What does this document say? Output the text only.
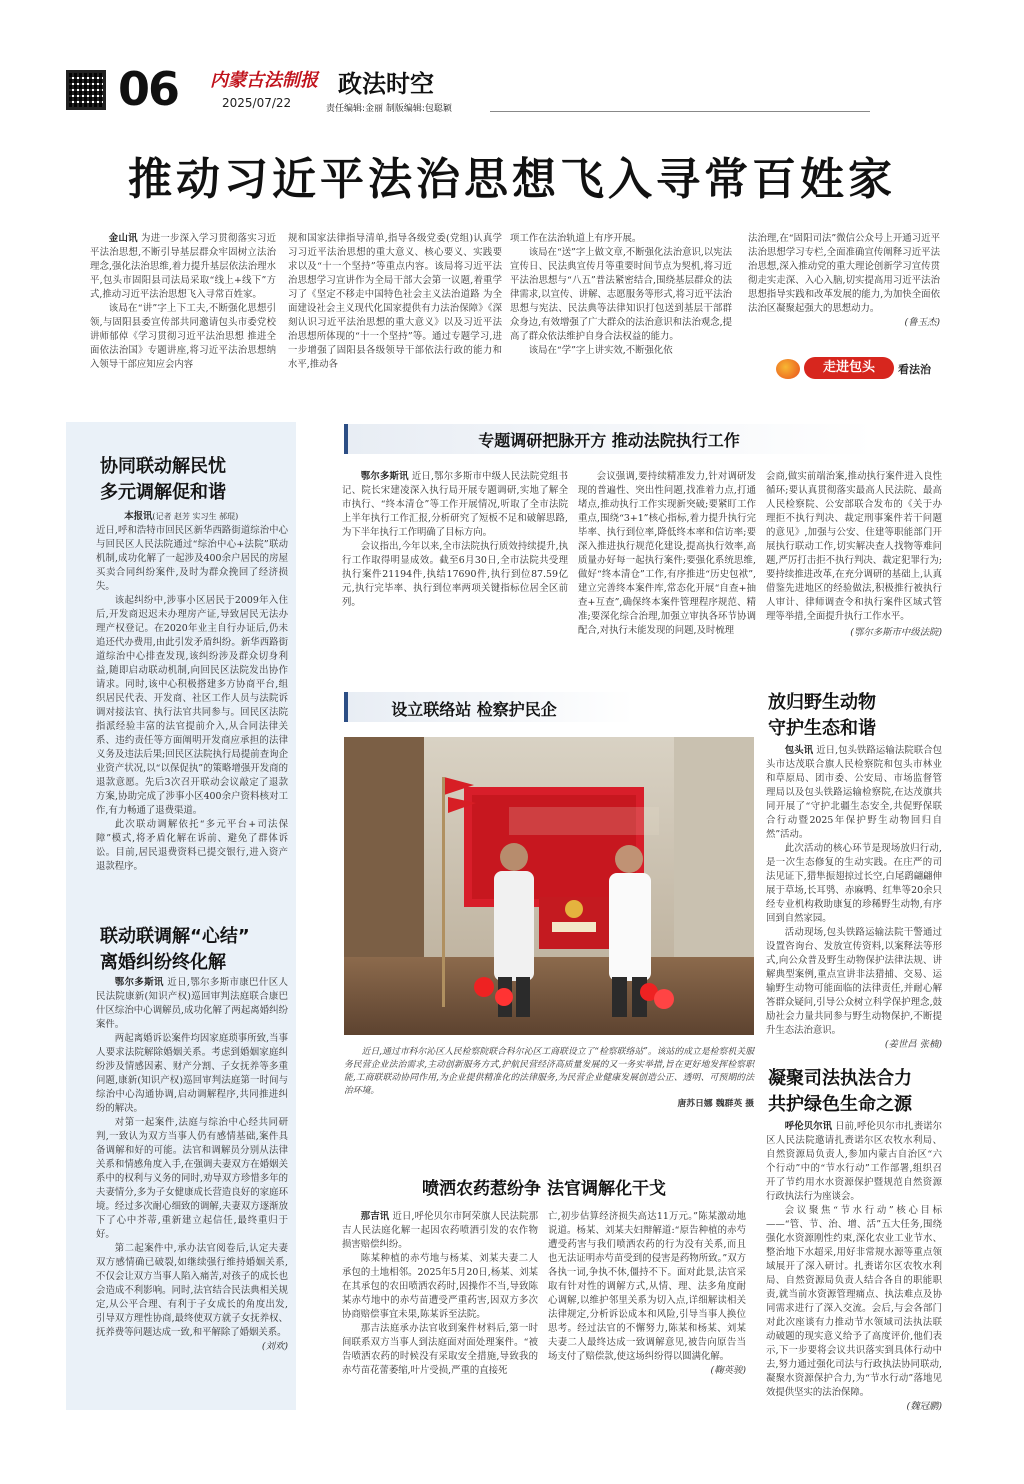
06 内蒙古法制报
2025/07/22
政法时空
责任编辑:金丽 制版编辑:包聪颖
推动习近平法治思想飞入寻常百姓家

金山讯 为进一步深入学习贯彻落实习近平法治思想,不断引导基层群众牢固树立法治理念,强化法治思维,着力提升基层依法治理水平,包头市固阳县司法局采取“线上+线下”方式,推动习近平法治思想飞入寻常百姓家。

该局在“讲”字上下工夫,不断强化思想引领,与固阳县委宣传部共同邀请包头市委党校讲师郁倬《学习贯彻习近平法治思想 推进全面依法治国》专题讲座,将习近平法治思想纳入领导干部应知应会内容

规和国家法律指导清单,指导各级党委(党组)认真学习习近平法治思想的重大意义、核心要义、实践要求以及“十一个坚持”等重点内容。该局将习近平法治思想学习宣讲作为全局干部大会第一议题,着重学习了《坚定不移走中国特色社会主义法治道路 为全面建设社会主义现代化国家提供有力法治保障》《深刻认识习近平法治思想的重大意义》以及习近平法治思想所体现的“十一个坚持”等。通过专题学习,进一步增强了固阳县各级领导干部依法行政的能力和水平,推动各

项工作在法治轨道上有序开展。

该局在“送”字上做文章,不断强化法治意识,以宪法宣传日、民法典宣传月等重要时间节点为契机,将习近平法治思想与“八五”普法紧密结合,围绕基层群众的法律需求,以宣传、讲解、志愿服务等形式,将习近平法治思想与宪法、民法典等法律知识打包送到基层干部群众身边,有效增强了广大群众的法治意识和法治观念,提高了群众依法维护自身合法权益的能力。

该局在“学”字上讲实效,不断强化依

法治理,在“固阳司法”微信公众号上开通习近平法治思想学习专栏,全面准确宣传阐释习近平法治思想,深入推动党的重大理论创新学习宣传贯彻走实走深、入心入脑,切实提高用习近平法治思想指导实践和改革发展的能力,为加快全面依法治区凝聚起强大的思想动力。

(鲁玉杰)
走进包头	看法治
协同联动解民忧
多元调解促和谐

本报讯(记者 赵芳 实习生 郝琨)

近日,呼和浩特市回民区新华西路街道综治中心与回民区人民法院通过“综治中心+法院”联动机制,成功化解了一起涉及400余户居民的房屋买卖合同纠纷案件,及时为群众挽回了经济损失。

该起纠纷中,涉事小区居民于2009年入住后,开发商迟迟未办理房产证,导致居民无法办理产权登记。在2020年业主自行办证后,仍未追还代办费用,由此引发矛盾纠纷。新华西路街道综治中心排查发现,该纠纷涉及群众切身利益,随即启动联动机制,向回民区法院发出协作请求。同时,该中心积极搭建多方协商平台,组织居民代表、开发商、社区工作人员与法院诉调对接法官、执行法官共同参与。回民区法院指派经验丰富的法官提前介入,从合同法律关系、违约责任等方面阐明开发商应承担的法律义务及违法后果;回民区法院执行局提前查询企业资产状况,以“以保促执”的策略增强开发商的退款意愿。先后3次召开联动会议敲定了退款方案,协助完成了涉事小区400余户资料核对工作,有力畅通了退费渠道。

此次联动调解依托“多元平台+司法保障”模式,将矛盾化解在诉前、避免了群体诉讼。目前,居民退费资料已提交银行,进入资产退款程序。

联动联调解“心结”
离婚纠纷终化解

鄂尔多斯讯 近日,鄂尔多斯市康巴什区人民法院康新(知识产权)巡回审判法庭联合康巴什区综治中心调解员,成功化解了两起离婚纠纷案件。

两起离婚诉讼案件均因家庭琐事所致,当事人要求法院解除婚姻关系。考虑到婚姻家庭纠纷涉及情感因素、财产分割、子女抚养等多重问题,康新(知识产权)巡回审判法庭第一时间与综治中心沟通协调,启动调解程序,共同推进纠纷的解决。

对第一起案件,法庭与综治中心经共同研判,一致认为双方当事人仍有感情基础,案件具备调解和好的可能。法官和调解员分别从法律关系和情感角度入手,在强调夫妻双方在婚姻关系中的权利与义务的同时,劝导双方珍惜多年的夫妻情分,多为子女健康成长营造良好的家庭环境。经过多次耐心细致的调解,夫妻双方逐渐放下了心中芥蒂,重新建立起信任,最终重归于好。

第二起案件中,承办法官阅卷后,认定夫妻双方感情确已破裂,如继续强行维持婚姻关系,不仅会让双方当事人陷入痛苦,对孩子的成长也会造成不利影响。同时,法官结合民法典相关规定,从公平合理、有利于子女成长的角度出发,引导双方理性协商,最终使双方就子女抚养权、抚养费等问题达成一致,和平解除了婚姻关系。

(刘欢)
专题调研把脉开方 推动法院执行工作

鄂尔多斯讯 近日,鄂尔多斯市中级人民法院党组书记、院长宋建凌深入执行局开展专题调研,实地了解全市执行、“终本清仓”等工作开展情况,听取了全市法院上半年执行工作汇报,分析研究了短板不足和破解思路,为下半年执行工作明确了目标方向。

会议指出,今年以来,全市法院执行质效持续提升,执行工作取得明显成效。截至6月30日,全市法院共受理执行案件21194件,执结17690件,执行到位87.59亿元,执行完毕率、执行到位率两项关键指标位居全区前列。

会议强调,要持续精准发力,针对调研发现的普遍性、突出性问题,找准着力点,打通堵点,推动执行工作实现新突破;要紧盯工作重点,围绕“3+1”核心指标,着力提升执行完毕率、执行到位率,降低终本率和信访率;要深入推进执行规范化建设,提高执行效率,高质量办好每一起执行案件;要强化系统思维,做好“终本清仓”工作,有序推进“历史包袱”,建立完善终本案件库,常态化开展“自查+抽查+互查”,确保终本案件管理程序规范、精准;要深化综合治理,加强立审执各环节协调配合,对执行未能发现的问题,及时梳理

会商,做实前端治案,推动执行案件进入良性循环;要认真贯彻落实最高人民法院、最高人民检察院、公安部联合发布的《关于办理拒不执行判决、裁定刑事案件若干问题的意见》,加强与公安、住建等职能部门开展执行联动工作,切实解决查人找物等难问题,严厉打击拒不执行判决、裁定犯罪行为;要持续推进改革,在充分调研的基础上,认真借鉴先进地区的经验做法,积极推行被执行人审计、律师调查令和执行案件区域式管理等举措,全面提升执行工作水平。

(鄂尔多斯市中级法院)
设立联络站 检察护民企

近日,通过市科尔沁区人民检察院联合科尔沁区工商联设立了“检察联络站”。该站的成立是检察机关服务民营企业法治需求,主动创新服务方式,护航民营经济高质量发展的又一务实举措,旨在更好地发挥检察职能,工商联联动协同作用,为企业提供精准化的法律服务,为民营企业健康发展创造公正、透明、可预期的法治环境。

唐苏日娜 魏群英 摄
放归野生动物
守护生态和谐

包头讯 近日,包头铁路运输法院联合包头市达茂联合旗人民检察院和包头市林业和草原局、团市委、公安局、市场监督管理局以及包头铁路运输检察院,在达茂旗共同开展了“守护北疆生态安全,共促野保联合行动暨2025年保护野生动物回归自然”活动。

此次活动的核心环节是现场放归行动,是一次生态修复的生动实践。在庄严的司法见证下,猎隼振翅掠过长空,白尾鹞翩翩伸展于草场,长耳鸮、赤麻鸭、红隼等20余只经专业机构救助康复的珍稀野生动物,有序回到自然家园。

活动现场,包头铁路运输法院干警通过设置咨询台、发放宣传资料,以案释法等形式,向公众普及野生动物保护法律法规、讲解典型案例,重点宣讲非法猎捕、交易、运输野生动物可能面临的法律责任,并耐心解答群众疑问,引导公众树立科学保护理念,鼓励社会力量共同参与野生动物保护,不断提升生态法治意识。

(姜世昌 张楠)
凝聚司法执法合力
共护绿色生命之源

呼伦贝尔讯 日前,呼伦贝尔市扎赉诺尔区人民法院邀请扎赉诺尔区农牧水利局、自然资源局负责人,参加内蒙古自治区“六个行动”中的“节水行动”工作部署,组织召开了节约用水水资源保护暨规范自然资源行政执法行为座谈会。

会议聚焦“节水行动”核心目标——“管、节、治、增、活”五大任务,围绕强化水资源刚性约束,深化农业工业节水、整治地下水超采,用好非常规水源等重点领域展开了深入研讨。扎赉诺尔区农牧水利局、自然资源局负责人结合各自的职能职责,就当前水资源管理痛点、执法难点及协同需求进行了深入交流。会后,与会各部门对此次座谈有力推动节水领域司法执法联动破题的现实意义给予了高度评价,他们表示,下一步要将会议共识落实到具体行动中去,努力通过强化司法与行政执法协同联动,凝聚水资源保护合力,为“节水行动”落地见效提供坚实的法治保障。

(魏冠鹏)
喷洒农药惹纷争 法官调解化干戈

那吉讯 近日,呼伦贝尔市阿荣旗人民法院那吉人民法庭化解一起因农药喷洒引发的农作物损害赔偿纠纷。

陈某种植的赤芍地与杨某、刘某夫妻二人承包的土地相邻。2025年5月20日,杨某、刘某在其承包的农田喷洒农药时,因操作不当,导致陈某赤芍地中的赤芍苗遭受严重药害,因双方多次协商赔偿事宜未果,陈某诉至法院。

那吉法庭承办法官收到案件材料后,第一时间联系双方当事人到法庭面对面处理案件。“被告喷洒农药的时候没有采取安全措施,导致我的赤芍苗花蕾萎缩,叶片受损,严重的直接死

亡,初步估算经济损失高达11万元。”陈某激动地说道。杨某、刘某夫妇辩解道:“原告种植的赤芍遭受药害与我们喷洒农药的行为没有关系,而且也无法证明赤芍苗受到的侵害是药物所致。”双方各执一词,争执不休,僵持不下。面对此景,法官采取有针对性的调解方式,从情、理、法多角度耐心调解,以维护邻里关系为切入点,详细解读相关法律规定,分析诉讼成本和风险,引导当事人换位思考。经过法官的不懈努力,陈某和杨某、刘某夫妻二人最终达成一致调解意见,被告向原告当场支付了赔偿款,使这场纠纷得以圆满化解。

(鞠英骏)
